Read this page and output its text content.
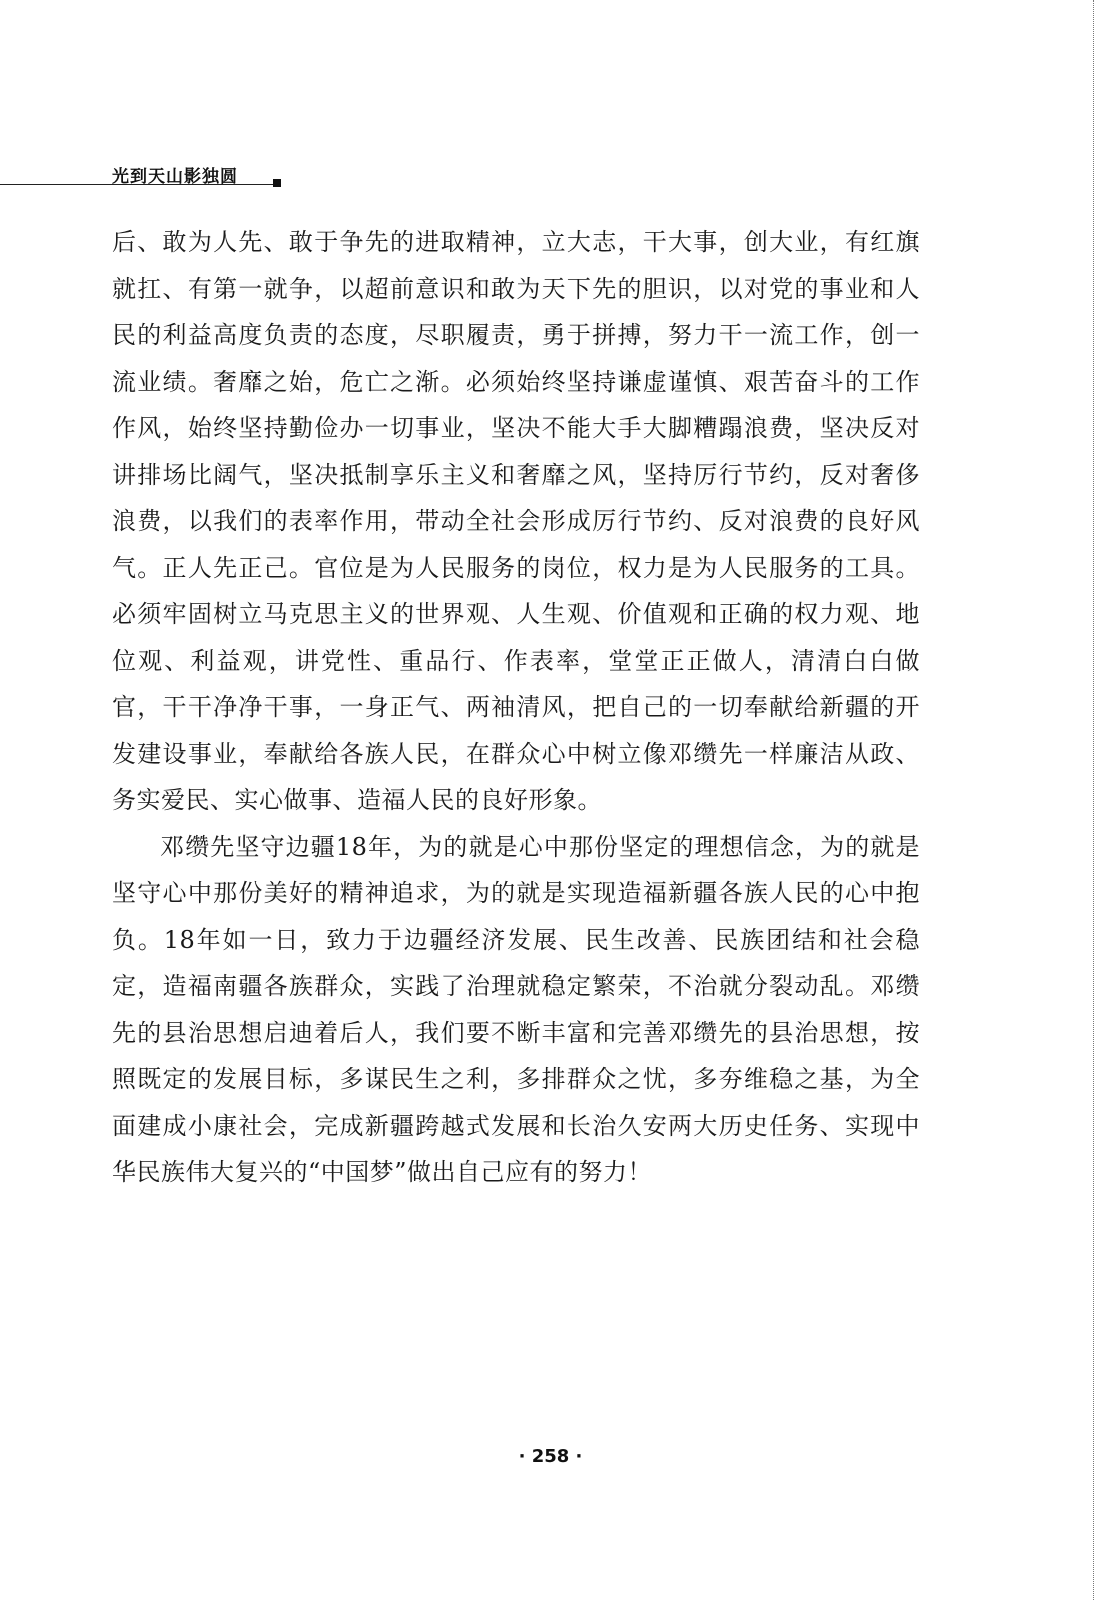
光到天山影独圆

后、敢为人先、敢于争先的进取精神，立大志，干大事，创大业，有红旗就扛、有第一就争，以超前意识和敢为天下先的胆识，以对党的事业和人民的利益高度负责的态度，尽职履责，勇于拼搏，努力干一流工作，创一流业绩。奢靡之始，危亡之渐。必须始终坚持谦虚谨慎、艰苦奋斗的工作作风，始终坚持勤俭办一切事业，坚决不能大手大脚糟蹋浪费，坚决反对讲排场比阔气，坚决抵制享乐主义和奢靡之风，坚持厉行节约，反对奢侈浪费，以我们的表率作用，带动全社会形成厉行节约、反对浪费的良好风气。正人先正己。官位是为人民服务的岗位，权力是为人民服务的工具。必须牢固树立马克思主义的世界观、人生观、价值观和正确的权力观、地位观、利益观，讲党性、重品行、作表率，堂堂正正做人，清清白白做官，干干净净干事，一身正气、两袖清风，把自己的一切奉献给新疆的开发建设事业，奉献给各族人民，在群众心中树立像邓缵先一样廉洁从政、务实爱民、实心做事、造福人民的良好形象。

邓缵先坚守边疆18年，为的就是心中那份坚定的理想信念，为的就是坚守心中那份美好的精神追求，为的就是实现造福新疆各族人民的心中抱负。18年如一日，致力于边疆经济发展、民生改善、民族团结和社会稳定，造福南疆各族群众，实践了治理就稳定繁荣，不治就分裂动乱。邓缵先的县治思想启迪着后人，我们要不断丰富和完善邓缵先的县治思想，按照既定的发展目标，多谋民生之利，多排群众之忧，多夯维稳之基，为全面建成小康社会，完成新疆跨越式发展和长治久安两大历史任务、实现中华民族伟大复兴的“中国梦”做出自己应有的努力！

· 258 ·
